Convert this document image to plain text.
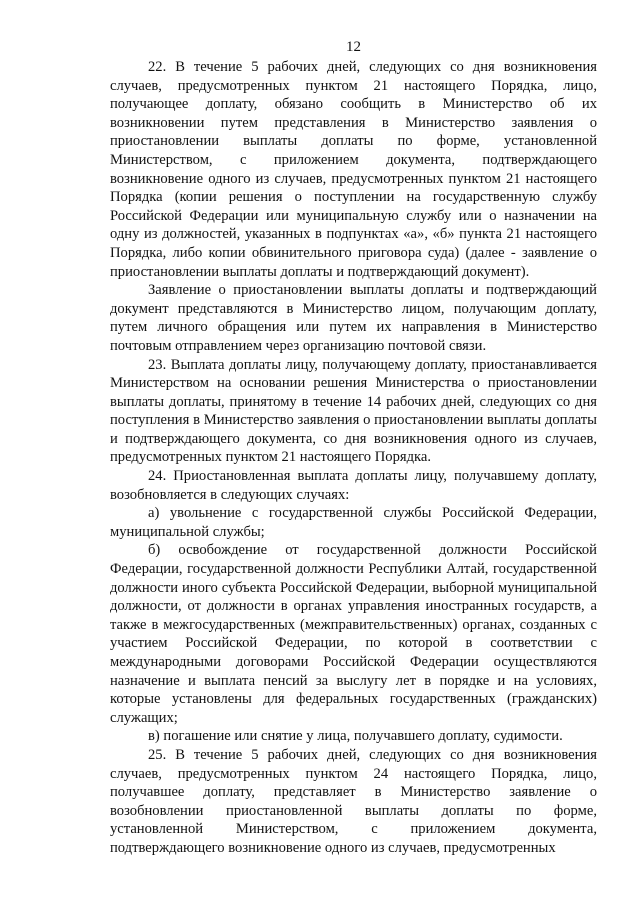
12

22. В течение 5 рабочих дней, следующих со дня возникновения случаев, предусмотренных пунктом 21 настоящего Порядка, лицо, получающее доплату, обязано сообщить в Министерство об их возникновении путем представления в Министерство заявления о приостановлении выплаты доплаты по форме, установленной Министерством, с приложением документа, подтверждающего возникновение одного из случаев, предусмотренных пунктом 21 настоящего Порядка (копии решения о поступлении на государственную службу Российской Федерации или муниципальную службу или о назначении на одну из должностей, указанных в подпунктах «а», «б» пункта 21 настоящего Порядка, либо копии обвинительного приговора суда) (далее - заявление о приостановлении выплаты доплаты и подтверждающий документ).

Заявление о приостановлении выплаты доплаты и подтверждающий документ представляются в Министерство лицом, получающим доплату, путем личного обращения или путем их направления в Министерство почтовым отправлением через организацию почтовой связи.

23. Выплата доплаты лицу, получающему доплату, приостанавливается Министерством на основании решения Министерства о приостановлении выплаты доплаты, принятому в течение 14 рабочих дней, следующих со дня поступления в Министерство заявления о приостановлении выплаты доплаты и подтверждающего документа, со дня возникновения одного из случаев, предусмотренных пунктом 21 настоящего Порядка.

24. Приостановленная выплата доплаты лицу, получавшему доплату, возобновляется в следующих случаях:

а) увольнение с государственной службы Российской Федерации, муниципальной службы;

б) освобождение от государственной должности Российской Федерации, государственной должности Республики Алтай, государственной должности иного субъекта Российской Федерации, выборной муниципальной должности, от должности в органах управления иностранных государств, а также в межгосударственных (межправительственных) органах, созданных с участием Российской Федерации, по которой в соответствии с международными договорами Российской Федерации осуществляются назначение и выплата пенсий за выслугу лет в порядке и на условиях, которые установлены для федеральных государственных (гражданских) служащих;

в) погашение или снятие у лица, получавшего доплату, судимости.

25. В течение 5 рабочих дней, следующих со дня возникновения случаев, предусмотренных пунктом 24 настоящего Порядка, лицо, получавшее доплату, представляет в Министерство заявление о возобновлении приостановленной выплаты доплаты по форме, установленной Министерством, с приложением документа, подтверждающего возникновение одного из случаев, предусмотренных
